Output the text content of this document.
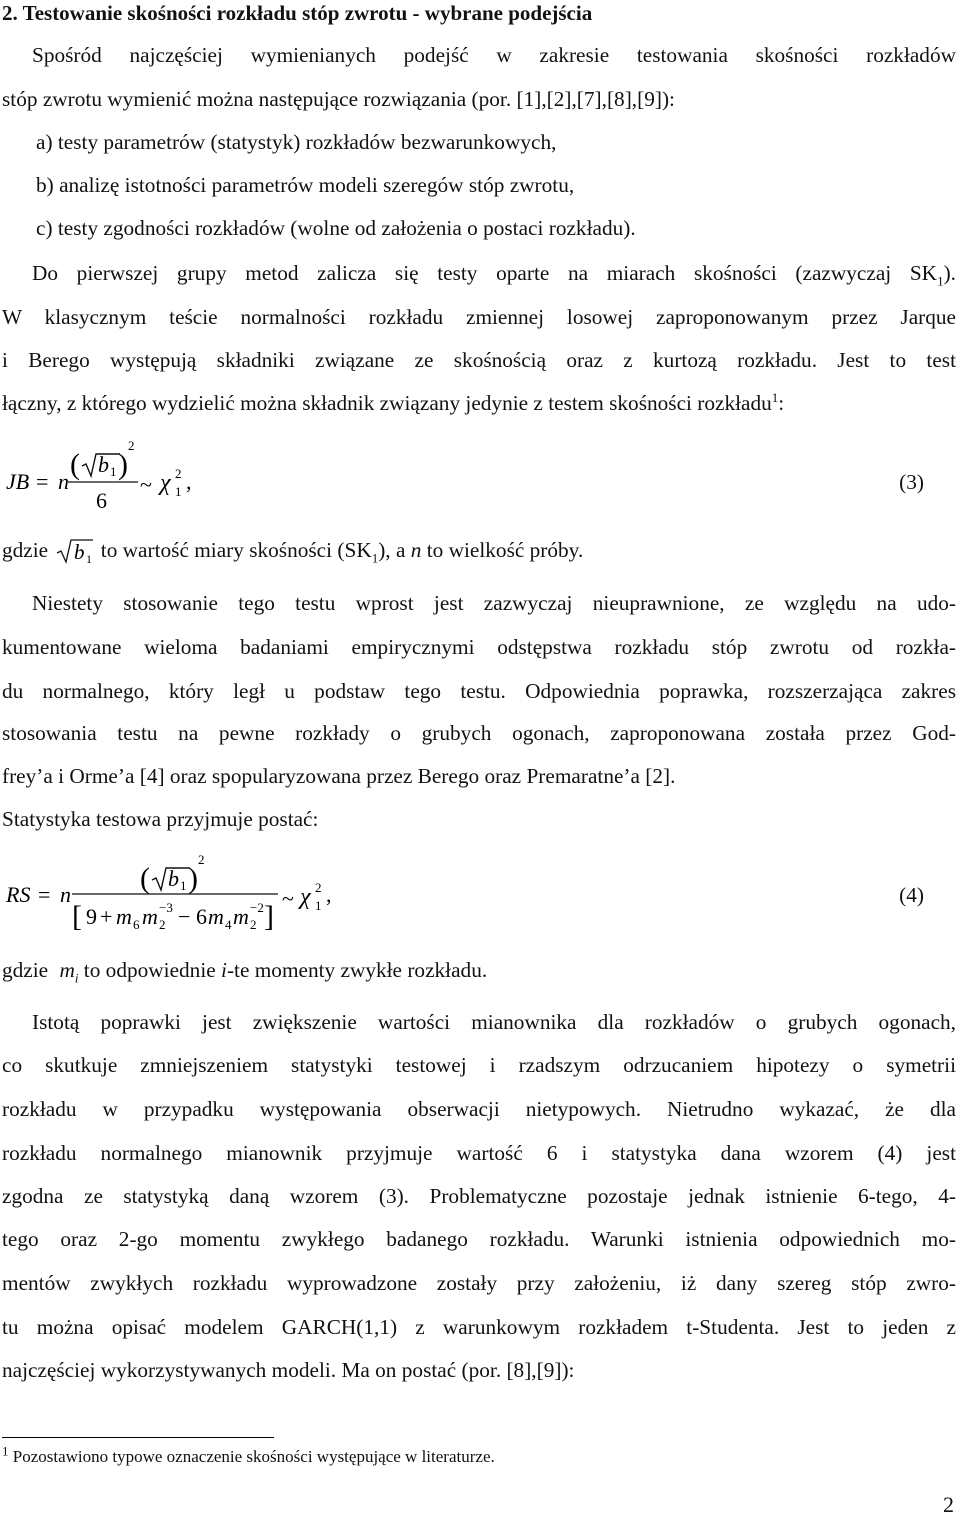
2. Testowanie skośności rozkładu stóp zwrotu - wybrane podejścia
Spośród najczęściej wymienianych podejść w zakresie testowania skośności rozkładów
stóp zwrotu wymienić można następujące rozwiązania (por. [1],[2],[7],[8],[9]):
a) testy parametrów (statystyk) rozkładów bezwarunkowych,
b) analizę istotności parametrów modeli szeregów stóp zwrotu,
c) testy zgodności rozkładów (wolne od założenia o postaci rozkładu).
Do pierwszej grupy metod zalicza się testy oparte na miarach skośności (zazwyczaj $SK_1$).
W klasycznym teście normalności rozkładu zmiennej losowej zaproponowanym przez Jarque
i Berego występują składniki związane ze skośnością oraz z kurtozą rozkładu. Jest to test
łączny, z którego wydzielić można składnik związany jedynie z testem skośności rozkładu$^1$:
JB = n
( b 1 )
2
6
~ χ 2
1 ,	(3)
gdzie b 1 to wartość miary skośności $(SK_1)$, a n to wielkość próby.
Niestety stosowanie tego testu wprost jest zazwyczaj nieuprawnione, ze względu na udo-
kumentowane wieloma badaniami empirycznymi odstępstwa rozkładu stóp zwrotu od rozkła-
du normalnego, który legł u podstaw tego testu. Odpowiednia poprawka, rozszerzająca zakres
stosowania testu na pewne rozkłady o grubych ogonach, zaproponowana została przez God-
frey’a i Orme’a [4] oraz spopularyzowana przez Berego oraz Premaratne’a [2].
Statystyka testowa przyjmuje postać:
RS = n ( b 1 )
2
[ 9 + m 6 m 2
−3 − 6 m 4 m 2
−2 ]
~ χ 2
1 ,	(4)
gdzie $m_i$ to odpowiednie i-te momenty zwykłe rozkładu.
Istotą poprawki jest zwiększenie wartości mianownika dla rozkładów o grubych ogonach,
co skutkuje zmniejszeniem statystyki testowej i rzadszym odrzucaniem hipotezy o symetrii
rozkładu w przypadku występowania obserwacji nietypowych. Nietrudno wykazać, że dla
rozkładu normalnego mianownik przyjmuje wartość 6 i statystyka dana wzorem (4) jest
zgodna ze statystyką daną wzorem (3). Problematyczne pozostaje jednak istnienie 6-tego, 4-
tego oraz 2-go momentu zwykłego badanego rozkładu. Warunki istnienia odpowiednich mo-
mentów zwykłych rozkładu wyprowadzone zostały przy założeniu, iż dany szereg stóp zwro-
tu można opisać modelem GARCH(1,1) z warunkowym rozkładem t-Studenta. Jest to jeden z
najczęściej wykorzystywanych modeli. Ma on postać (por. [8],[9]):
$^1$ Pozostawiono typowe oznaczenie skośności występujące w literaturze.
2
